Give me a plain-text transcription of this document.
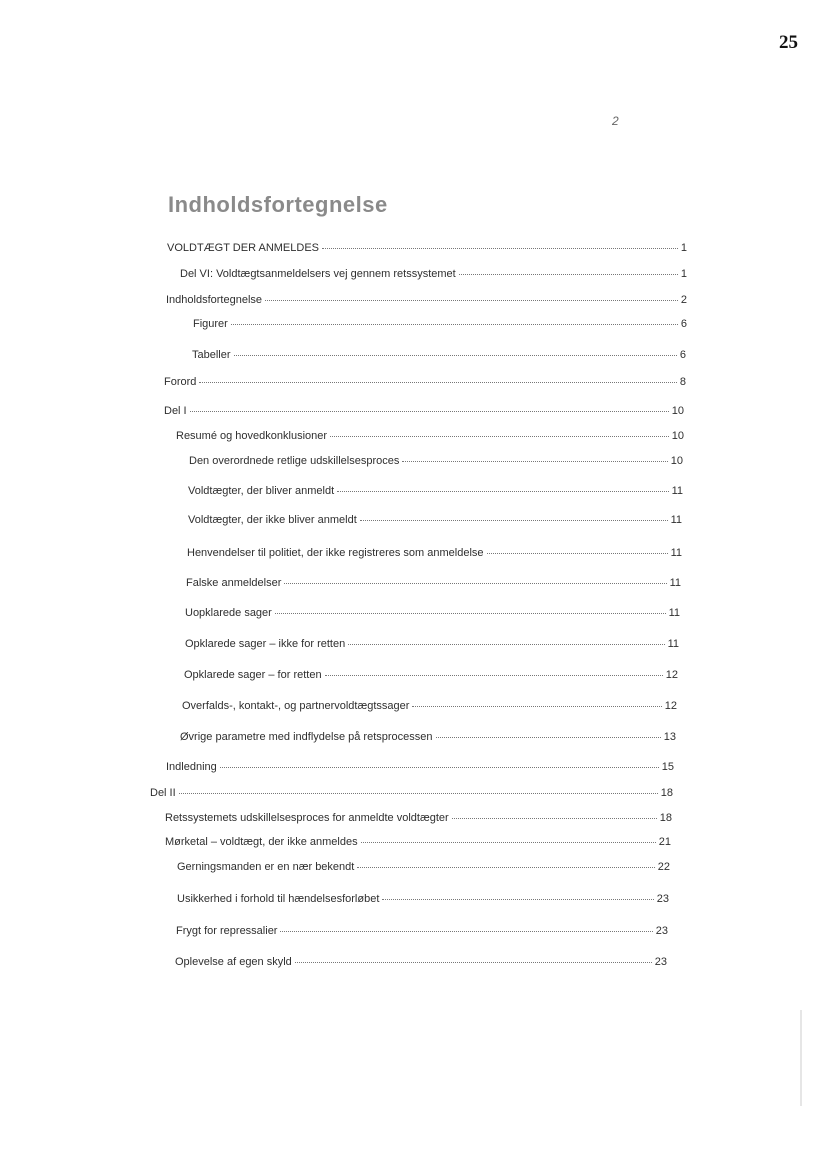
25
2
Indholdsfortegnelse
VOLDTÆGT DER ANMELDES	1
Del VI: Voldtægtsanmeldelsers vej gennem retssystemet	1
Indholdsfortegnelse	2
Figurer	6
Tabeller	6
Forord	8
Del I	10
Resumé og hovedkonklusioner	10
Den overordnede retlige udskillelsesproces	10
Voldtægter, der bliver anmeldt	11
Voldtægter, der ikke bliver anmeldt	11
Henvendelser til politiet, der ikke registreres som anmeldelse	11
Falske anmeldelser	11
Uopklarede sager	11
Opklarede sager – ikke for retten	11
Opklarede sager – for retten	12
Overfalds-, kontakt-, og partnervoldtægtssager	12
Øvrige parametre med indflydelse på retsprocessen	13
Indledning	15
Del II	18
Retssystemets udskillelsesproces for anmeldte voldtægter	18
Mørketal – voldtægt, der ikke anmeldes	21
Gerningsmanden er en nær bekendt	22
Usikkerhed i forhold til hændelsesforløbet	23
Frygt for repressalier	23
Oplevelse af egen skyld	23
